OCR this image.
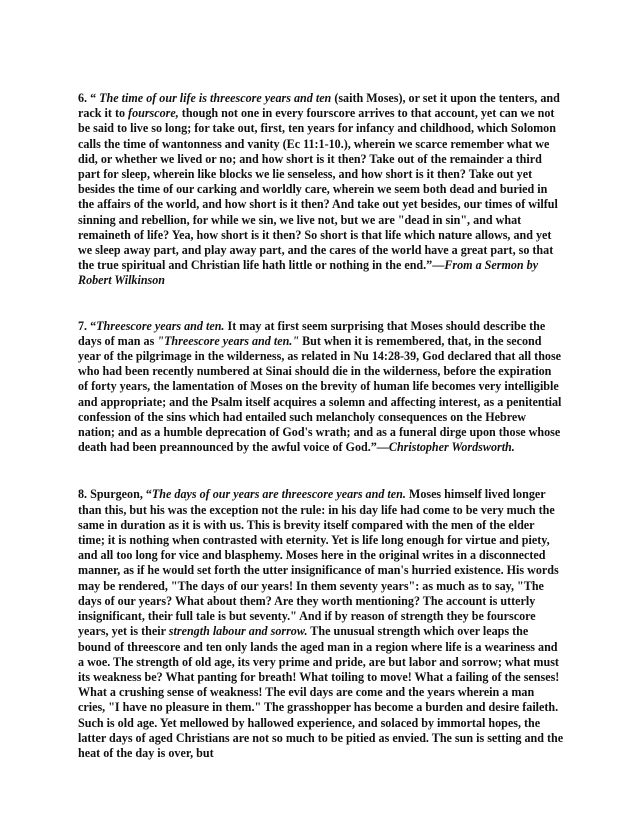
6. “ The time of our life is threescore years and ten (saith Moses), or set it upon the tenters, and rack it to fourscore, though not one in every fourscore arrives to that account, yet can we not be said to live so long; for take out, first, ten years for infancy and childhood, which Solomon calls the time of wantonness and vanity (Ec 11:1-10.), wherein we scarce remember what we did, or whether we lived or no; and how short is it then? Take out of the remainder a third part for sleep, wherein like blocks we lie senseless, and how short is it then? Take out yet besides the time of our carking and worldly care, wherein we seem both dead and buried in the affairs of the world, and how short is it then? And take out yet besides, our times of wilful sinning and rebellion, for while we sin, we live not, but we are "dead in sin", and what remaineth of life? Yea, how short is it then? So short is that life which nature allows, and yet we sleep away part, and play away part, and the cares of the world have a great part, so that the true spiritual and Christian life hath little or nothing in the end.”—From a Sermon by Robert Wilkinson

7. “Threescore years and ten. It may at first seem surprising that Moses should describe the days of man as "Threescore years and ten." But when it is remembered, that, in the second year of the pilgrimage in the wilderness, as related in Nu 14:28-39, God declared that all those who had been recently numbered at Sinai should die in the wilderness, before the expiration of forty years, the lamentation of Moses on the brevity of human life becomes very intelligible and appropriate; and the Psalm itself acquires a solemn and affecting interest, as a penitential confession of the sins which had entailed such melancholy consequences on the Hebrew nation; and as a humble deprecation of God's wrath; and as a funeral dirge upon those whose death had been preannounced by the awful voice of God.”—Christopher Wordsworth.

8. Spurgeon, “The days of our years are threescore years and ten. Moses himself lived longer than this, but his was the exception not the rule: in his day life had come to be very much the same in duration as it is with us. This is brevity itself compared with the men of the elder time; it is nothing when contrasted with eternity. Yet is life long enough for virtue and piety, and all too long for vice and blasphemy. Moses here in the original writes in a disconnected manner, as if he would set forth the utter insignificance of man's hurried existence. His words may be rendered, "The days of our years! In them seventy years": as much as to say, "The days of our years? What about them? Are they worth mentioning? The account is utterly insignificant, their full tale is but seventy." And if by reason of strength they be fourscore years, yet is their strength labour and sorrow. The unusual strength which over leaps the bound of threescore and ten only lands the aged man in a region where life is a weariness and a woe. The strength of old age, its very prime and pride, are but labor and sorrow; what must its weakness be? What panting for breath! What toiling to move! What a failing of the senses! What a crushing sense of weakness! The evil days are come and the years wherein a man cries, "I have no pleasure in them." The grasshopper has become a burden and desire faileth. Such is old age. Yet mellowed by hallowed experience, and solaced by immortal hopes, the latter days of aged Christians are not so much to be pitied as envied. The sun is setting and the heat of the day is over, but
